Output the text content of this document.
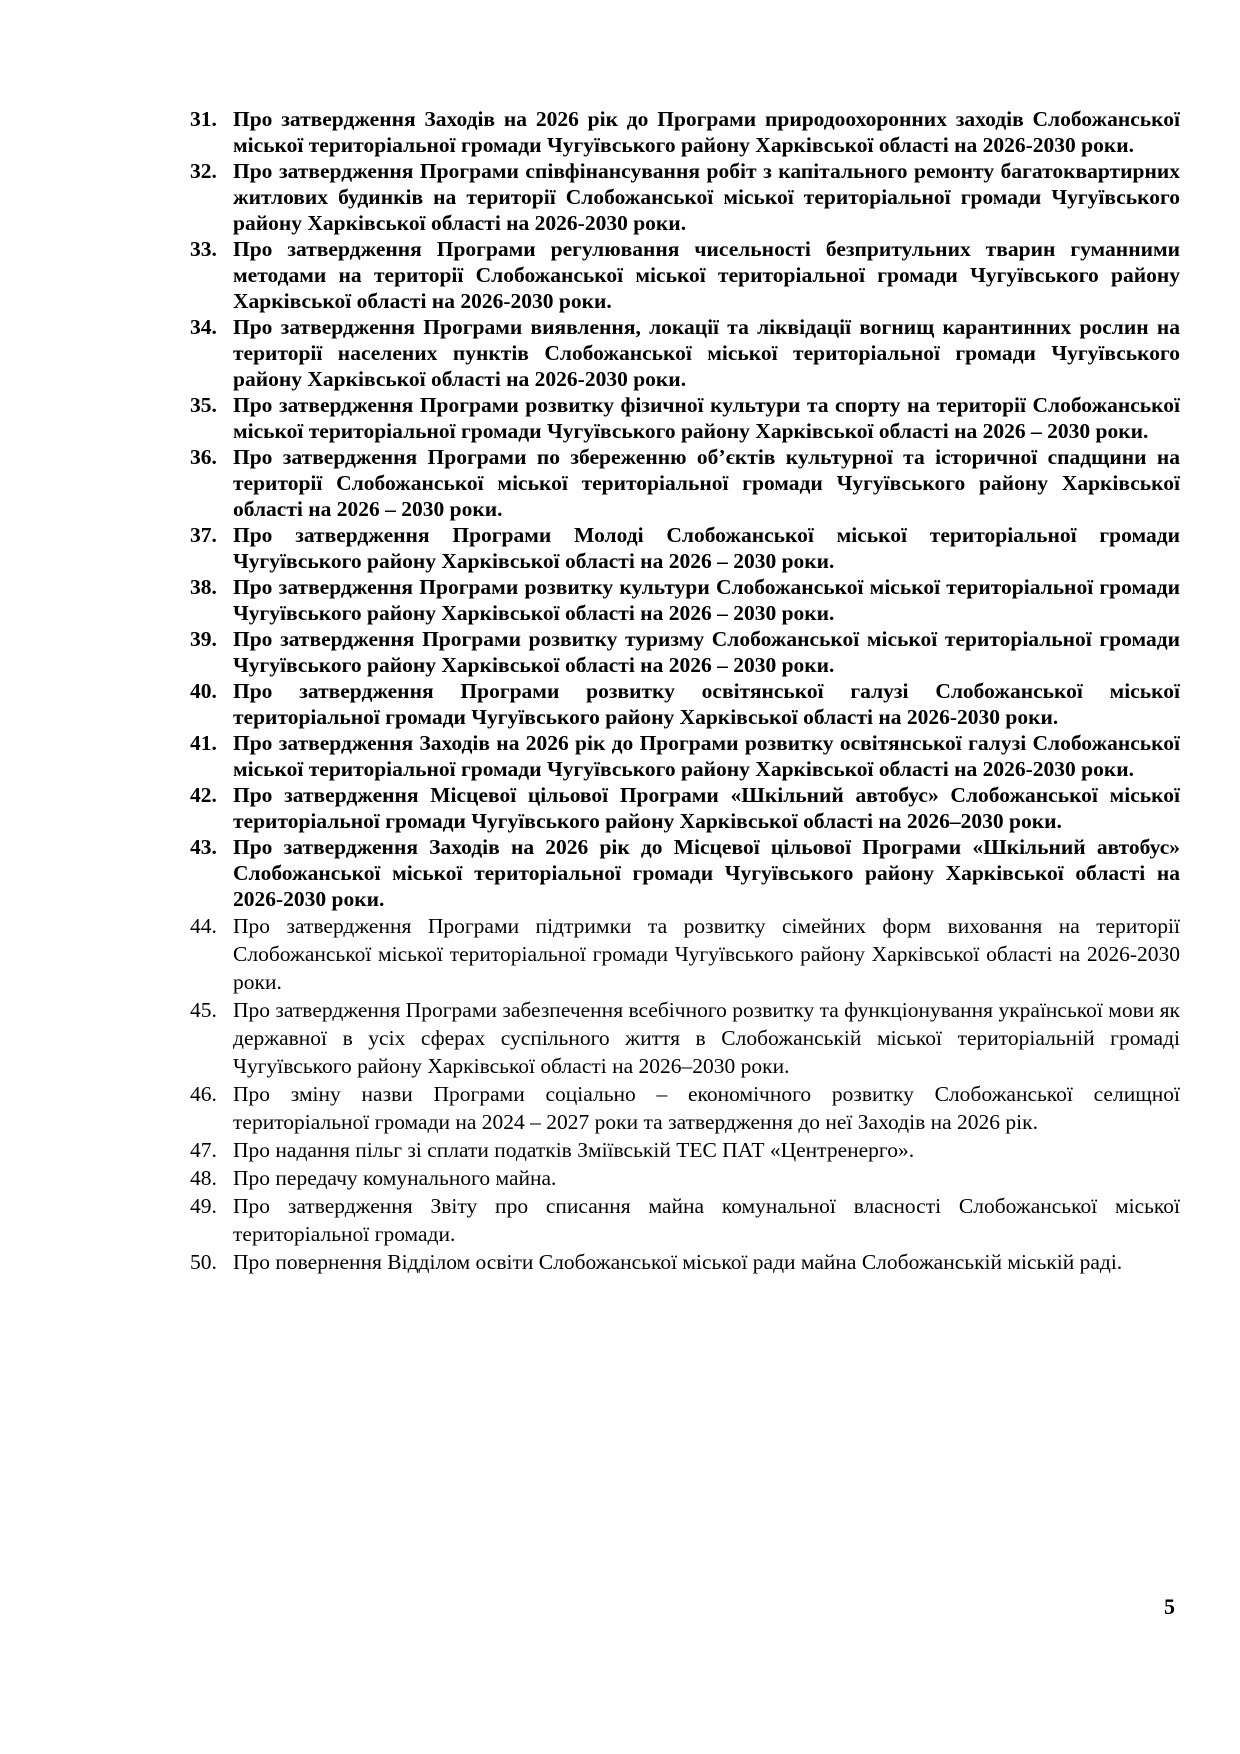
31. Про затвердження Заходів на 2026 рік до Програми природоохоронних заходів Слобожанської міської територіальної громади Чугуївського району Харківської області на 2026-2030 роки.
32. Про затвердження Програми співфінансування робіт з капітального ремонту багатоквартирних житлових будинків на території Слобожанської міської територіальної громади Чугуївського району Харківської області на 2026-2030 роки.
33. Про затвердження Програми регулювання чисельності безпритульних тварин гуманними методами на території Слобожанської міської територіальної громади Чугуївського району Харківської області на 2026-2030 роки.
34. Про затвердження Програми виявлення, локації та ліквідації вогнищ карантинних рослин на території населених пунктів Слобожанської міської територіальної громади Чугуївського району Харківської області на 2026-2030 роки.
35. Про затвердження Програми розвитку фізичної культури та спорту на території Слобожанської міської територіальної громади Чугуївського району Харківської області на 2026 – 2030 роки.
36. Про затвердження Програми по збереженню об’єктів культурної та історичної спадщини на території Слобожанської міської територіальної громади Чугуївського району Харківської області на 2026 – 2030 роки.
37. Про затвердження Програми Молоді Слобожанської міської територіальної громади Чугуївського району Харківської області на 2026 – 2030 роки.
38. Про затвердження Програми розвитку культури Слобожанської міської територіальної громади Чугуївського району Харківської області на 2026 – 2030 роки.
39. Про затвердження Програми розвитку туризму Слобожанської міської територіальної громади Чугуївського району Харківської області на 2026 – 2030 роки.
40. Про затвердження Програми розвитку освітянської галузі Слобожанської міської територіальної громади Чугуївського району Харківської області на 2026-2030 роки.
41. Про затвердження Заходів на 2026 рік до Програми розвитку освітянської галузі Слобожанської міської територіальної громади Чугуївського району Харківської області на 2026-2030 роки.
42. Про затвердження Місцевої цільової Програми «Шкільний автобус» Слобожанської міської територіальної громади Чугуївського району Харківської області на 2026–2030 роки.
43. Про затвердження Заходів на 2026 рік до Місцевої цільової Програми «Шкільний автобус» Слобожанської міської територіальної громади Чугуївського району Харківської області на 2026-2030 роки.
44. Про затвердження Програми підтримки та розвитку сімейних форм виховання на території Слобожанської міської територіальної громади Чугуївського району Харківської області на 2026-2030 роки.
45. Про затвердження Програми забезпечення всебічного розвитку та функціонування української мови як державної в усіх сферах суспільного життя в Слобожанській міської територіальній громаді Чугуївського району Харківської області на 2026–2030 роки.
46. Про зміну назви Програми соціально – економічного розвитку Слобожанської селищної територіальної громади на 2024 – 2027 роки та затвердження до неї Заходів на 2026 рік.
47. Про надання пільг зі сплати податків Зміївській ТЕС ПАТ «Центренерго».
48. Про передачу комунального майна.
49. Про затвердження Звіту про списання майна комунальної власності Слобожанської міської територіальної громади.
50. Про повернення Відділом освіти Слобожанської міської ради майна Слобожанській міській раді.
5
